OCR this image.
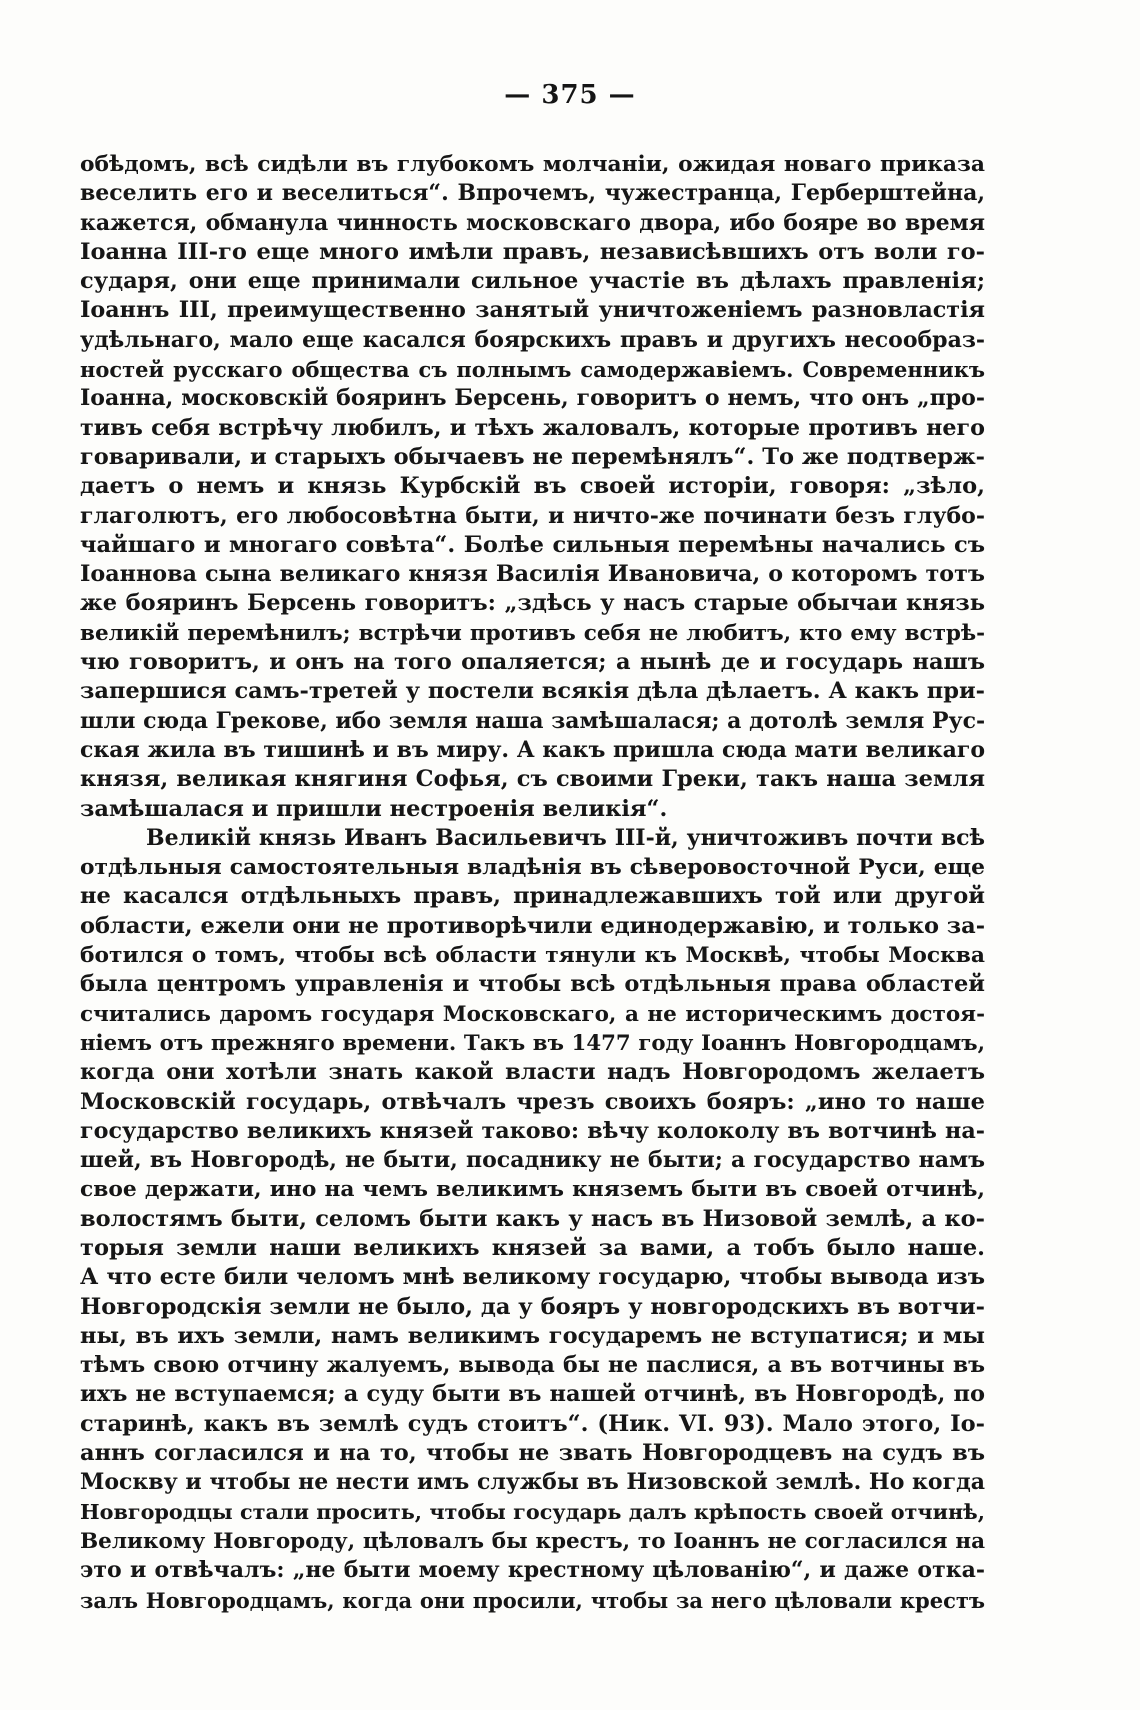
— 375 —
обѣдомъ, всѣ сидѣли въ глубокомъ молчанiи, ожидая новаго приказа
веселить его и веселиться“. Впрочемъ, чужестранца, Герберштейна,
кажется, обманула чинность московскаго двора, ибо бояре во время
Іоанна III-го еще много имѣли правъ, независѣвшихъ отъ воли го-
сударя, они еще принимали сильное участiе въ дѣлахъ правленiя;
Іоаннъ III, преимущественно занятый уничтоженiемъ разновластiя
удѣльнаго, мало еще касался боярскихъ правъ и другихъ несообраз-
ностей русскаго общества съ полнымъ самодержавiемъ. Современникъ
Іоанна, московскiй бояринъ Берсень, говоритъ о немъ, что онъ „про-
тивъ себя встрѣчу любилъ, и тѣхъ жаловалъ, которые противъ него
говаривали, и старыхъ обычаевъ не перемѣнялъ“. То же подтверж-
даетъ о немъ и князь Курбскiй въ своей исторiи, говоря: „зѣло,
глаголютъ, его любосовѣтна быти, и ничто-же починати безъ глубо-
чайшаго и многаго совѣта“. Болѣе сильныя перемѣны начались съ
Іоаннова сына великаго князя Василiя Ивановича, о которомъ тотъ
же бояринъ Берсень говоритъ: „здѣсь у насъ старые обычаи князь
великiй перемѣнилъ; встрѣчи противъ себя не любитъ, кто ему встрѣ-
чю говоритъ, и онъ на того опаляется; а нынѣ де и государь нашъ
запершися самъ-третей у постели всякiя дѣла дѣлаетъ. А какъ при-
шли сюда Грекове, ибо земля наша замѣшалася; а дотолѣ земля Рус-
ская жила въ тишинѣ и въ миру. А какъ пришла сюда мати великаго
князя, великая княгиня Софья, съ своими Греки, такъ наша земля
замѣшалася и пришли нестроенiя великiя“.
Великiй князь Иванъ Васильевичъ III-й, уничтоживъ почти всѣ
отдѣльныя самостоятельныя владѣнiя въ сѣверовосточной Руси, еще
не касался отдѣльныхъ правъ, принадлежавшихъ той или другой
области, ежели они не противорѣчили единодержавiю, и только за-
ботился о томъ, чтобы всѣ области тянули къ Москвѣ, чтобы Москва
была центромъ управленiя и чтобы всѣ отдѣльныя права областей
считались даромъ государя Московскаго, а не историческимъ достоя-
нiемъ отъ прежняго времени. Такъ въ 1477 году Іоаннъ Новгородцамъ,
когда они хотѣли знать какой власти надъ Новгородомъ желаетъ
Московскiй государь, отвѣчалъ чрезъ своихъ бояръ: „ино то наше
государство великихъ князей таково: вѣчу колоколу въ вотчинѣ на-
шей, въ Новгородѣ, не быти, посаднику не быти; а государство намъ
свое держати, ино на чемъ великимъ княземъ быти въ своей отчинѣ,
волостямъ быти, селомъ быти какъ у насъ въ Низовой землѣ, а ко-
торыя земли наши великихъ князей за вами, а тобъ было наше.
А что есте били челомъ мнѣ великому государю, чтобы вывода изъ
Новгородскiя земли не было, да у бояръ у новгородскихъ въ вотчи-
ны, въ ихъ земли, намъ великимъ государемъ не вступатися; и мы
тѣмъ свою отчину жалуемъ, вывода бы не паслися, а въ вотчины въ
ихъ не вступаемся; а суду быти въ нашей отчинѣ, въ Новгородѣ, по
старинѣ, какъ въ землѣ судъ стоитъ“. (Ник. VI. 93). Мало этого, Іо-
аннъ согласился и на то, чтобы не звать Новгородцевъ на судъ въ
Москву и чтобы не нести имъ службы въ Низовской землѣ. Но когда
Новгородцы стали просить, чтобы государь далъ крѣпость своей отчинѣ,
Великому Новгороду, цѣловалъ бы крестъ, то Іоаннъ не согласился на
это и отвѣчалъ: „не быти моему крестному цѣлованiю“, и даже отка-
залъ Новгородцамъ, когда они просили, чтобы за него цѣловали крестъ
